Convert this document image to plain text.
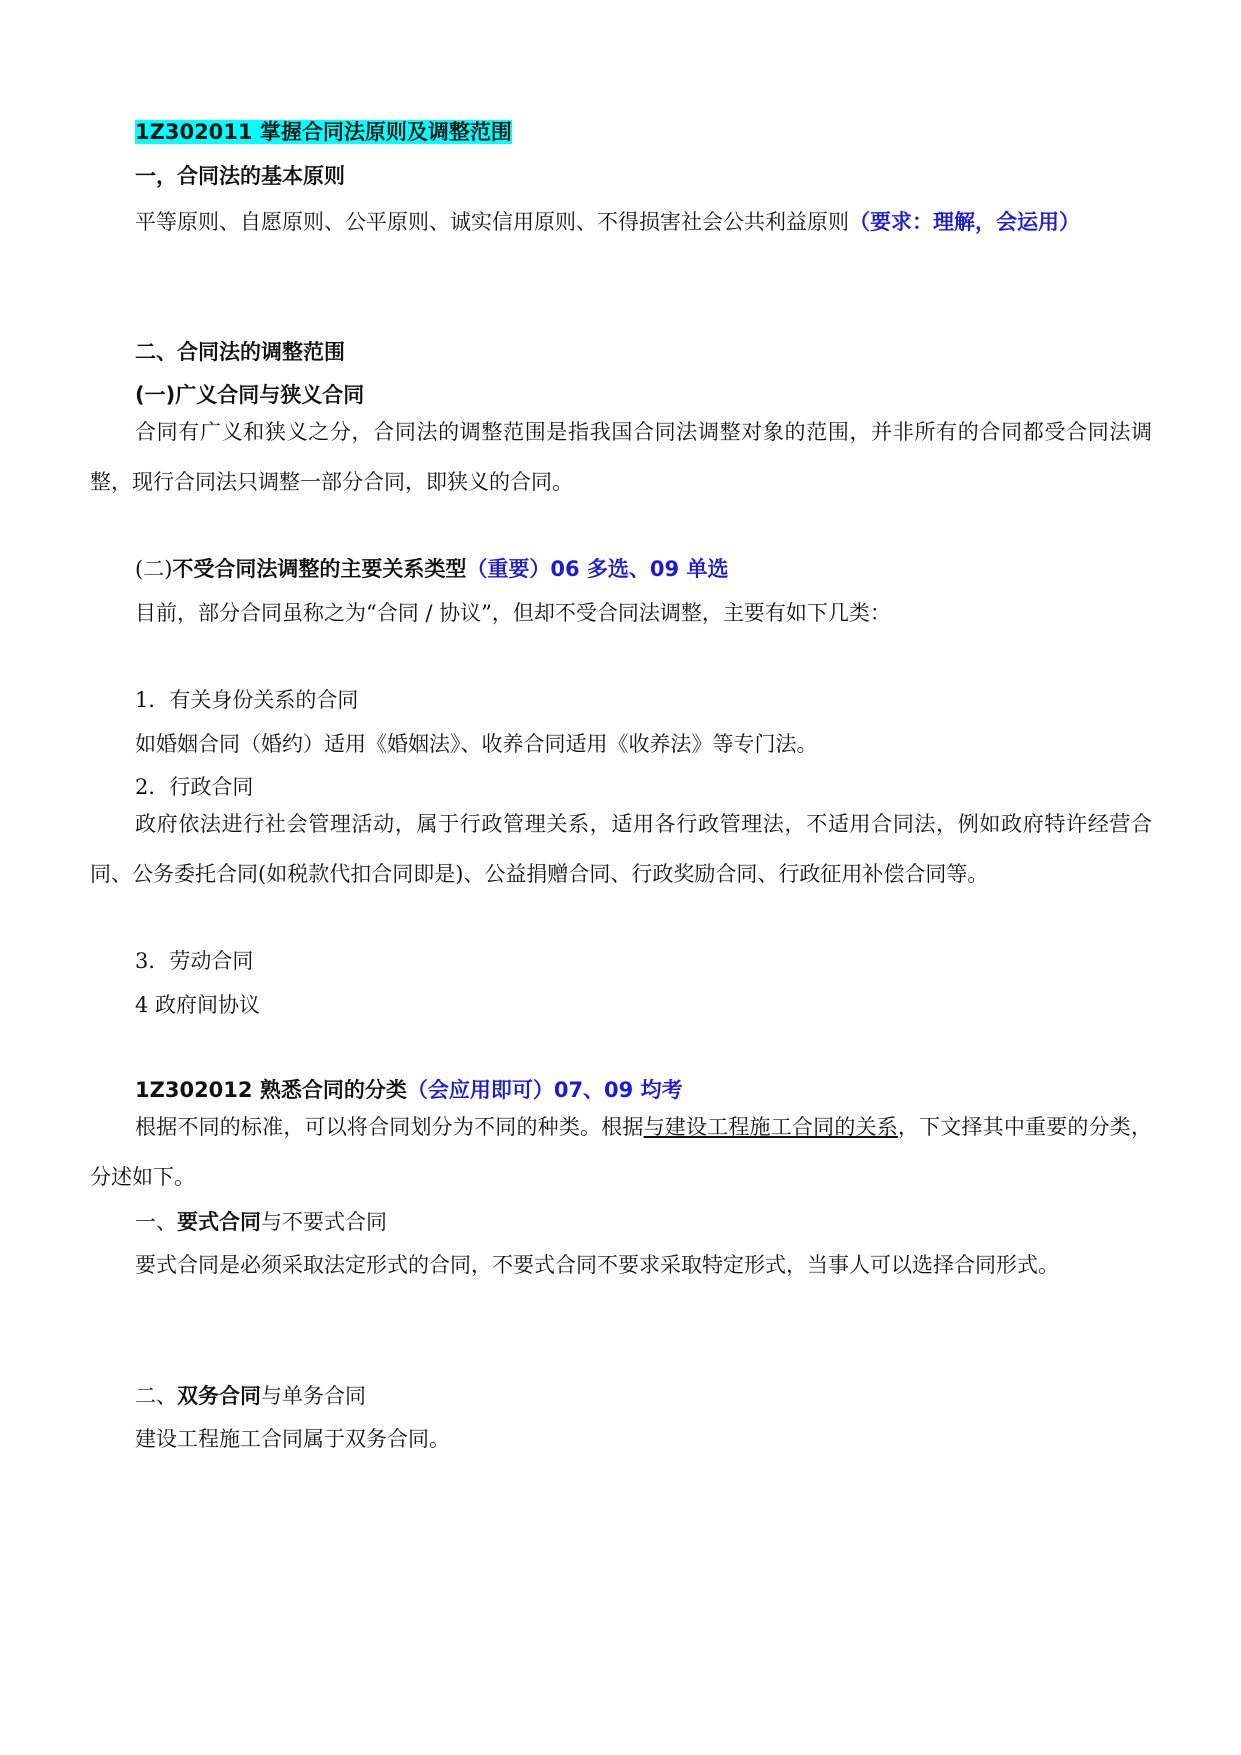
1Z302011 掌握合同法原则及调整范围

一，合同法的基本原则

平等原则、自愿原则、公平原则、诚实信用原则、不得损害社会公共利益原则（要求：理解，会运用）

二、合同法的调整范围

(一)广义合同与狭义合同

合同有广义和狭义之分，合同法的调整范围是指我国合同法调整对象的范围，并非所有的合同都受合同法调整，现行合同法只调整一部分合同，即狭义的合同。

(二)不受合同法调整的主要关系类型（重要）06 多选、09 单选

目前，部分合同虽称之为“合同 / 协议”，但却不受合同法调整，主要有如下几类：

1．有关身份关系的合同

如婚姻合同（婚约）适用《婚姻法》、收养合同适用《收养法》等专门法。

2．行政合同

政府依法进行社会管理活动，属于行政管理关系，适用各行政管理法，不适用合同法，例如政府特许经营合同、公务委托合同(如税款代扣合同即是)、公益捐赠合同、行政奖励合同、行政征用补偿合同等。

3．劳动合同

4 政府间协议

1Z302012 熟悉合同的分类（会应用即可）07、09 均考

根据不同的标准，可以将合同划分为不同的种类。根据与建设工程施工合同的关系，下文择其中重要的分类，分述如下。

一、要式合同与不要式合同

要式合同是必须采取法定形式的合同，不要式合同不要求采取特定形式，当事人可以选择合同形式。

二、双务合同与单务合同

建设工程施工合同属于双务合同。
